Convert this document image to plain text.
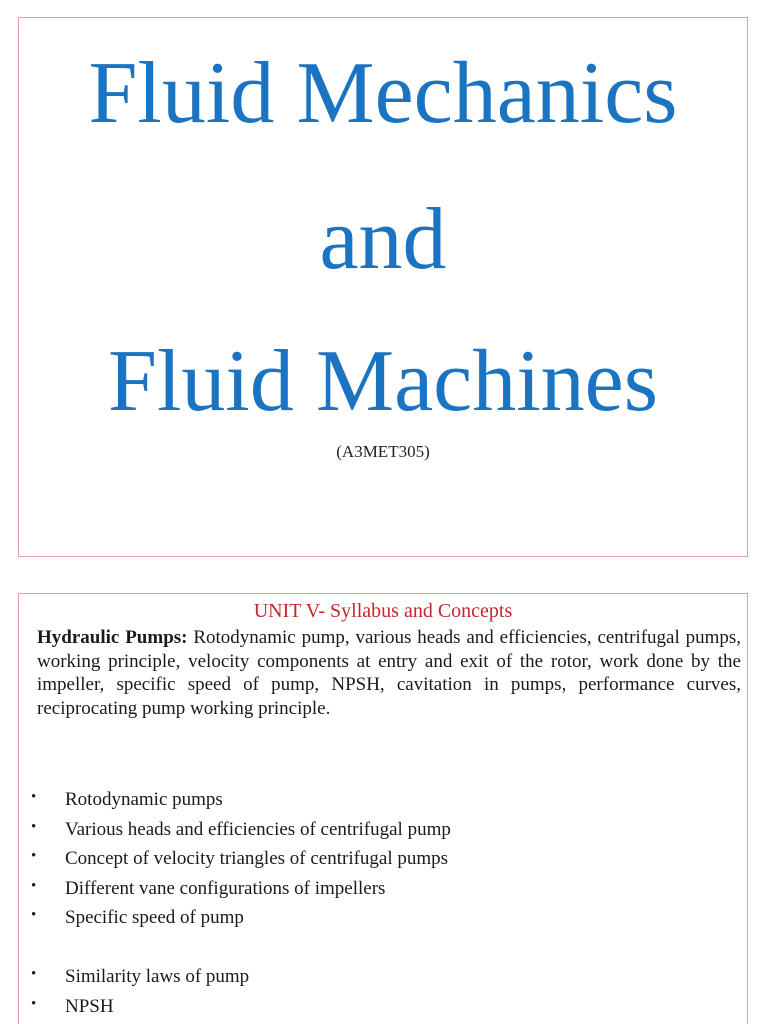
Fluid Mechanics
and
Fluid Machines
(A3MET305)
UNIT V- Syllabus and Concepts
Hydraulic Pumps: Rotodynamic pump, various heads and efficiencies, centrifugal pumps, working principle, velocity components at entry and exit of the rotor, work done by the impeller, specific speed of pump, NPSH, cavitation in pumps, performance curves, reciprocating pump working principle.
•	Rotodynamic pumps
•	Various heads and efficiencies of centrifugal pump
•	Concept of velocity triangles of centrifugal pumps
•	Different vane configurations of impellers
•	Specific speed of pump
•	Similarity laws of pump
•	NPSH
